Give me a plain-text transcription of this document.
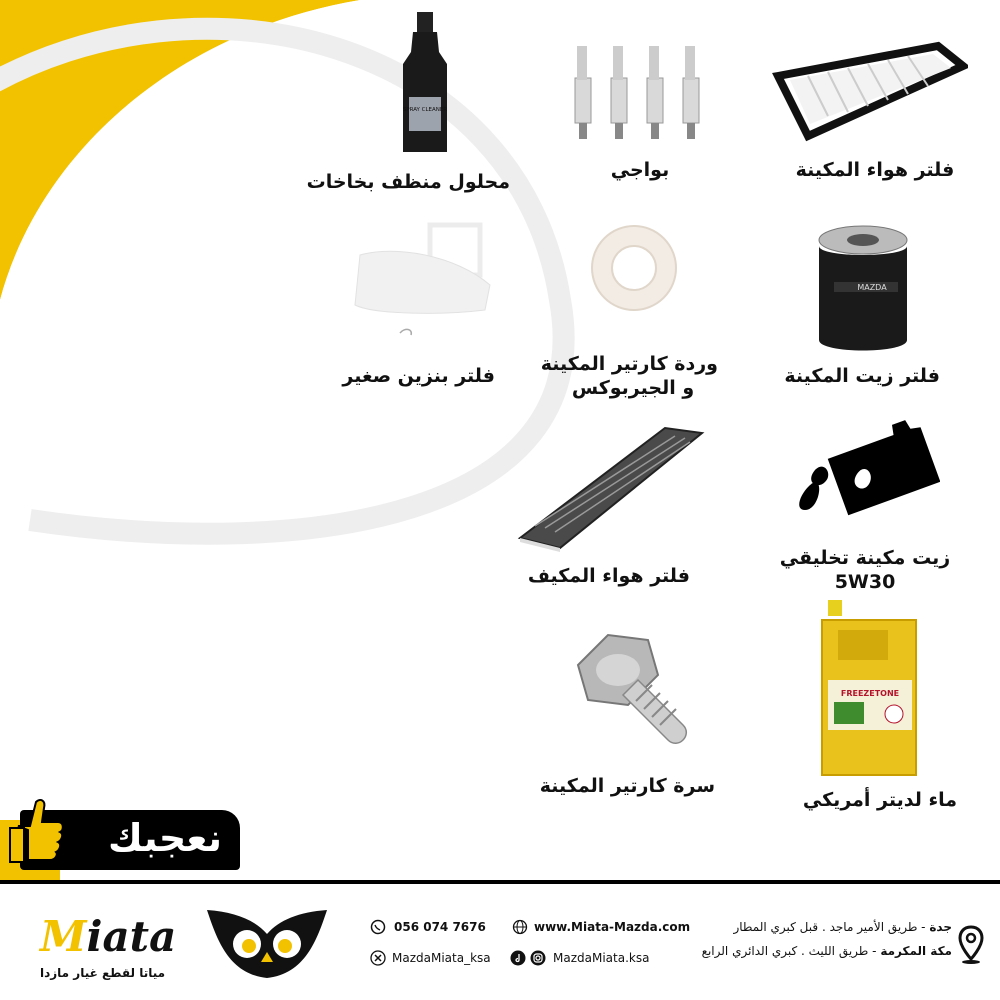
فلتر هواء المكينة
بواجي
SPRAY CLEANER
محلول منظف بخاخات
MAZDA
فلتر زيت المكينة
وردة كارتير المكينة
و الجيربوكس
فلتر بنزين صغير
زيت مكينة تخليقي
5W30
فلتر هواء المكيف
FREEZETONE
ماء لديتر أمريكي
سرة كارتير المكينة
نعجبك
Miata
مياتا لقطع غيار مازدا
056 074 7676
MazdaMiata_ksa
www.Miata-Mazda.com
MazdaMiata.ksa
جدة - طريق الأمير ماجد . قبل كبري المطار
مكة المكرمة - طريق الليث . كبري الدائري الرابع
